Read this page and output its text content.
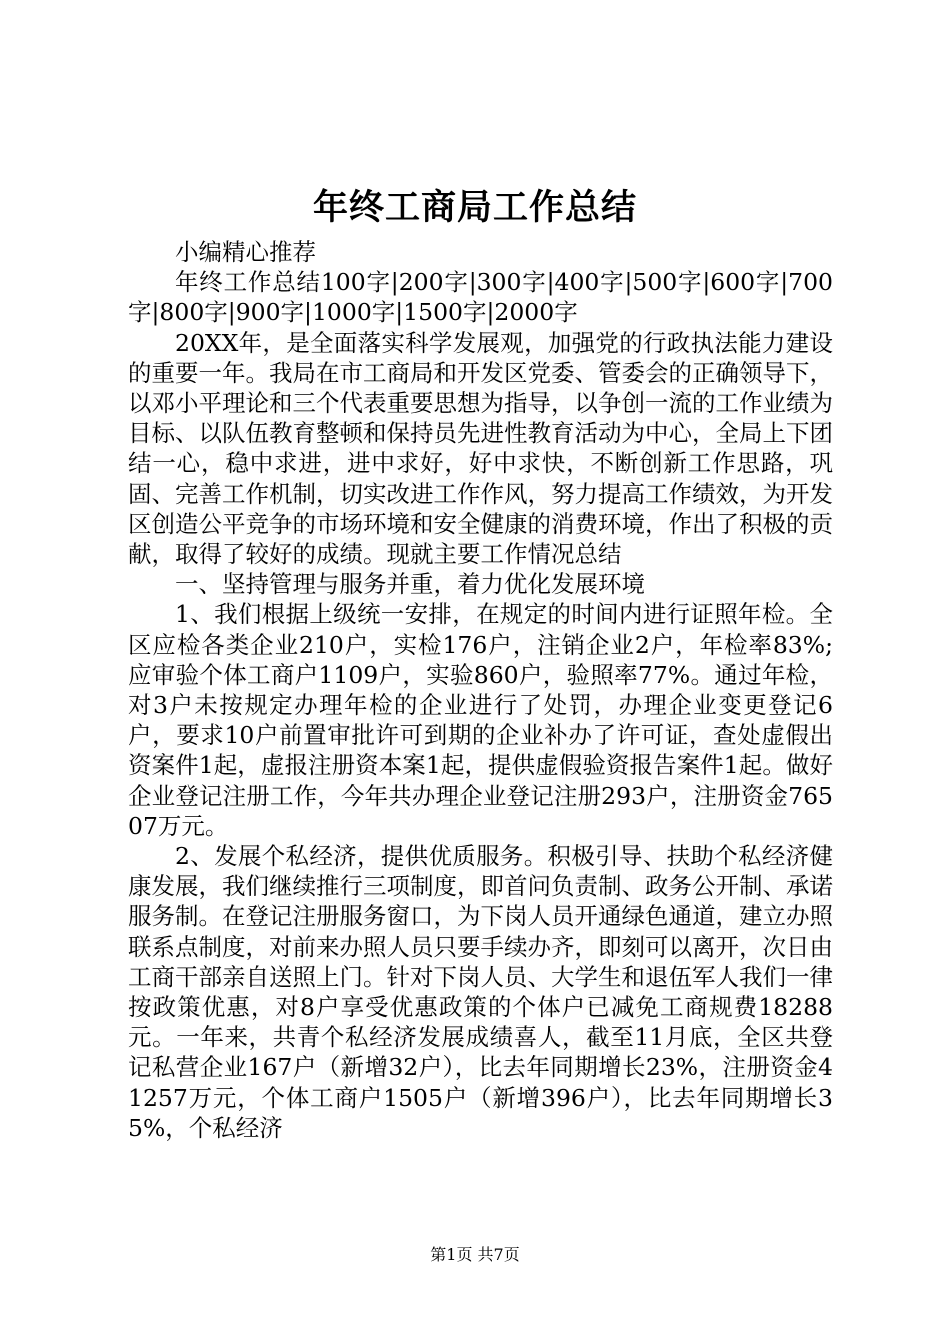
年终工商局工作总结

小编精心推荐

年终工作总结100字|200字|300字|400字|500字|600字|700字|800字|900字|1000字|1500字|2000字

20XX年，是全面落实科学发展观，加强党的行政执法能力建设的重要一年。我局在市工商局和开发区党委、管委会的正确领导下，以邓小平理论和三个代表重要思想为指导，以争创一流的工作业绩为目标、以队伍教育整顿和保持员先进性教育活动为中心，全局上下团结一心，稳中求进，进中求好，好中求快，不断创新工作思路，巩固、完善工作机制，切实改进工作作风，努力提高工作绩效，为开发区创造公平竞争的市场环境和安全健康的消费环境，作出了积极的贡献，取得了较好的成绩。现就主要工作情况总结

一、坚持管理与服务并重，着力优化发展环境

1、我们根据上级统一安排，在规定的时间内进行证照年检。全区应检各类企业210户，实检176户，注销企业2户，年检率83%;应审验个体工商户1109户，实验860户，验照率77%。通过年检，对3户未按规定办理年检的企业进行了处罚，办理企业变更登记6户，要求10户前置审批许可到期的企业补办了许可证，查处虚假出资案件1起，虚报注册资本案1起，提供虚假验资报告案件1起。做好企业登记注册工作，今年共办理企业登记注册293户，注册资金76507万元。

2、发展个私经济，提供优质服务。积极引导、扶助个私经济健康发展，我们继续推行三项制度，即首问负责制、政务公开制、承诺服务制。在登记注册服务窗口，为下岗人员开通绿色通道，建立办照联系点制度，对前来办照人员只要手续办齐，即刻可以离开，次日由工商干部亲自送照上门。针对下岗人员、大学生和退伍军人我们一律按政策优惠，对8户享受优惠政策的个体户已减免工商规费18288元。一年来，共青个私经济发展成绩喜人，截至11月底，全区共登记私营企业167户（新增32户），比去年同期增长23%，注册资金41257万元，个体工商户1505户（新增396户），比去年同期增长35%，个私经济

第1页 共7页
